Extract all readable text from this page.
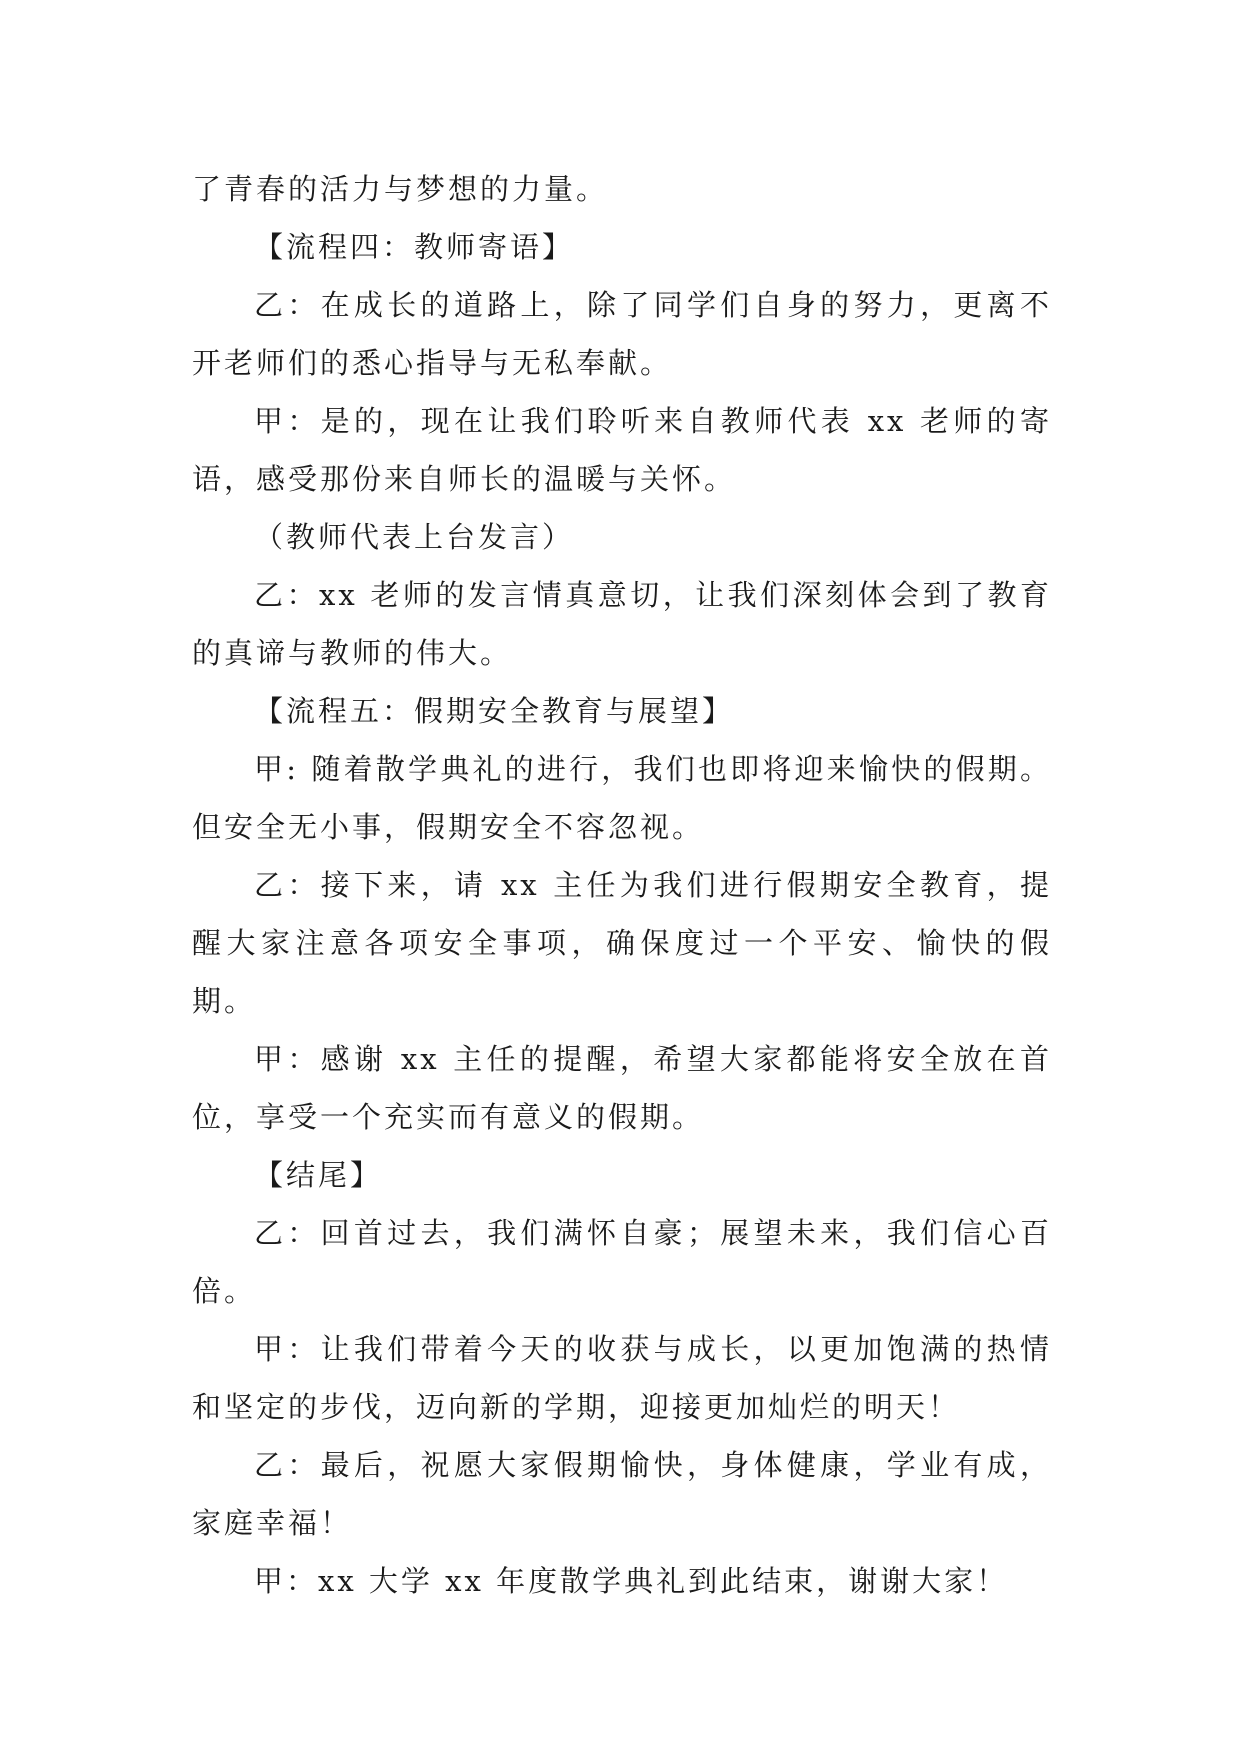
了青春的活力与梦想的力量。

【流程四：教师寄语】

乙：在成长的道路上，除了同学们自身的努力，更离不开老师们的悉心指导与无私奉献。

甲：是的，现在让我们聆听来自教师代表 xx 老师的寄语，感受那份来自师长的温暖与关怀。

（教师代表上台发言）

乙：xx 老师的发言情真意切，让我们深刻体会到了教育的真谛与教师的伟大。

【流程五：假期安全教育与展望】

甲: 随着散学典礼的进行，我们也即将迎来愉快的假期。但安全无小事，假期安全不容忽视。

乙：接下来，请 xx 主任为我们进行假期安全教育，提醒大家注意各项安全事项，确保度过一个平安、愉快的假期。

甲：感谢 xx 主任的提醒，希望大家都能将安全放在首位，享受一个充实而有意义的假期。

【结尾】

乙：回首过去，我们满怀自豪；展望未来，我们信心百倍。

甲：让我们带着今天的收获与成长，以更加饱满的热情和坚定的步伐，迈向新的学期，迎接更加灿烂的明天！

乙：最后，祝愿大家假期愉快，身体健康，学业有成，家庭幸福！

甲：xx 大学 xx 年度散学典礼到此结束，谢谢大家！
